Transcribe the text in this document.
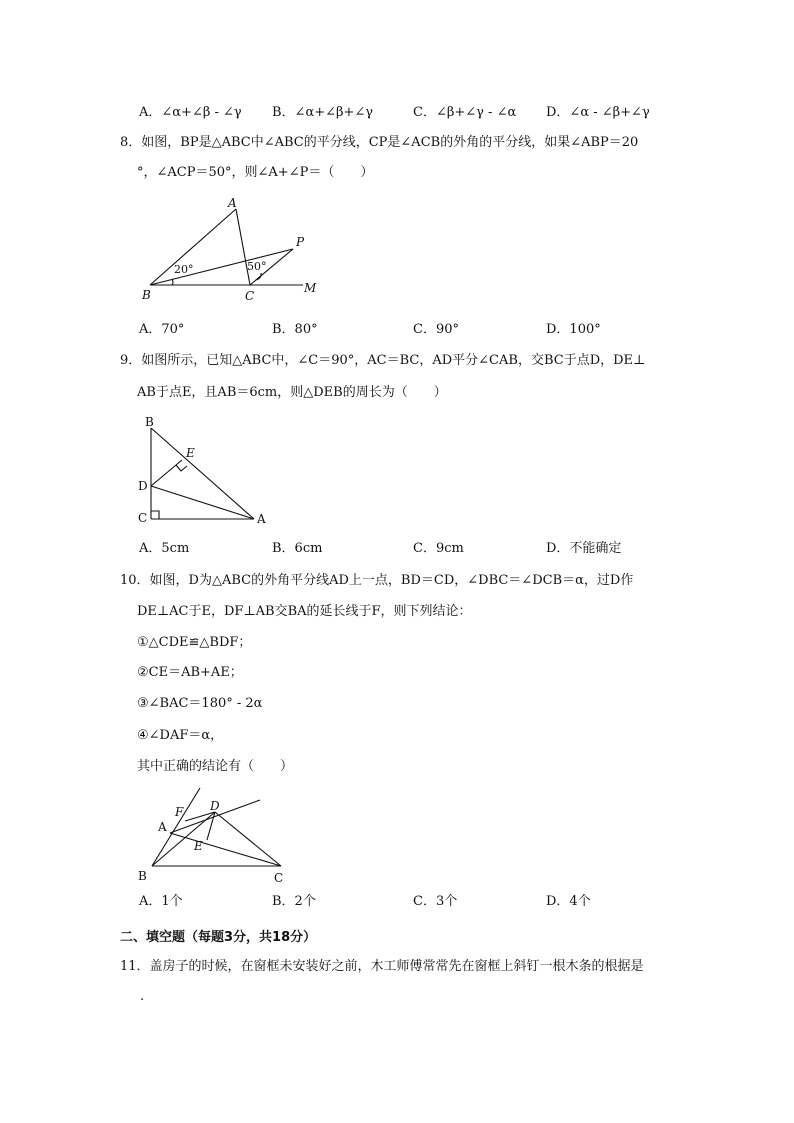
A．∠α+∠β - ∠γ B．∠α+∠β+∠γ	C．∠β+∠γ - ∠α D．∠α - ∠β+∠γ
8．如图，BP是△ABC中∠ABC的平分线，CP是∠ACB的外角的平分线，如果∠ABP＝20
°，∠ACP＝50°，则∠A+∠P＝（　　）
A
B	C
P
M
20°	50°
A．70°	B．80°	C．90°	D．100°
9．如图所示，已知△ABC中，∠C＝90°，AC＝BC，AD平分∠CAB，交BC于点D，DE⊥
AB于点E，且AB＝6cm，则△DEB的周长为（　　）
B
E
D
C	A
A．5cm	B．6cm	C．9cm	D．不能确定
10．如图，D为△ABC的外角平分线AD上一点，BD＝CD，∠DBC＝∠DCB＝α，过D作
DE⊥AC于E，DF⊥AB交BA的延长线于F，则下列结论：
①△CDE≌△BDF；
②CE＝AB+AE；
③∠BAC＝180° - 2α
④∠DAF＝α，
其中正确的结论有（　　）
B	C
A
F D
E
A．1个	B．2个	C．3个	D．4个
二、填空题（每题3分，共18分）
11．盖房子的时候，在窗框未安装好之前，木工师傅常常先在窗框上斜钉一根木条的根据是
.
